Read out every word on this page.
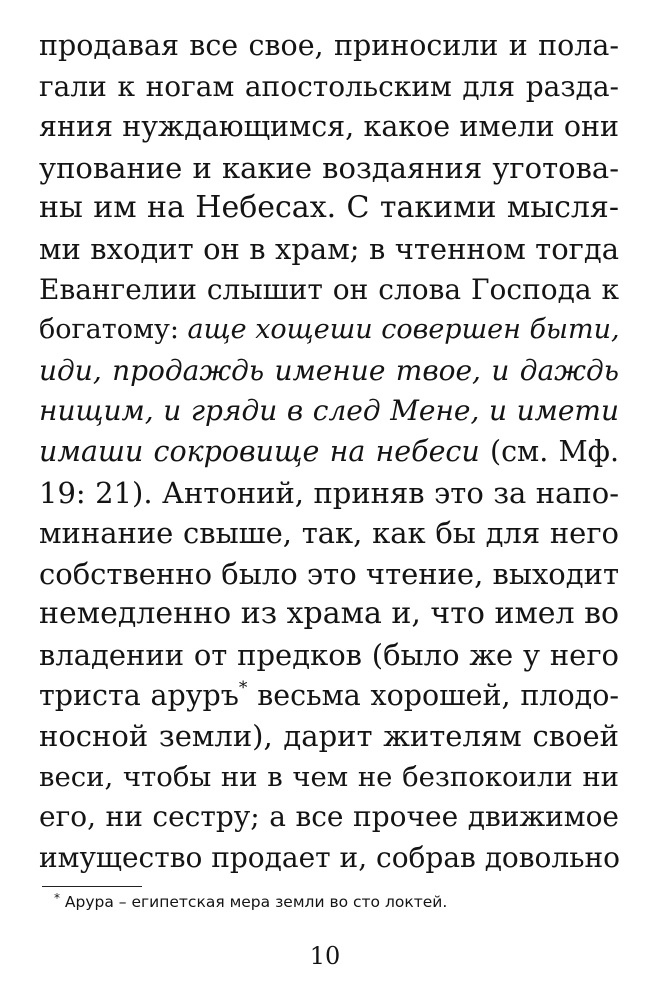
продавая все свое, приносили и пола-
гали к ногам апостольским для разда-
яния нуждающимся, какое имели они
упование и какие воздаяния уготова-
ны им на Небесах. С такими мысля-
ми входит он в храм; в чтенном тогда
Евангелии слышит он слова Господа к
богатому: аще хощеши совершен быти,
иди, продаждь имение твое, и даждь
нищим, и гряди в след Мене, и имети
имаши сокровище на небеси (см. Мф.
19: 21). Антоний, приняв это за напо-
минание свыше, так, как бы для него
собственно было это чтение, выходит
немедленно из храма и, что имел во
владении от предков (было же у него
триста аруръ* весьма хорошей, плодо-
носной земли), дарит жителям своей
веси, чтобы ни в чем не безпокоили ни
его, ни сестру; а все прочее движимое
имущество продает и, собрав довольно
* Арура – египетская мера земли во сто локтей.
10
